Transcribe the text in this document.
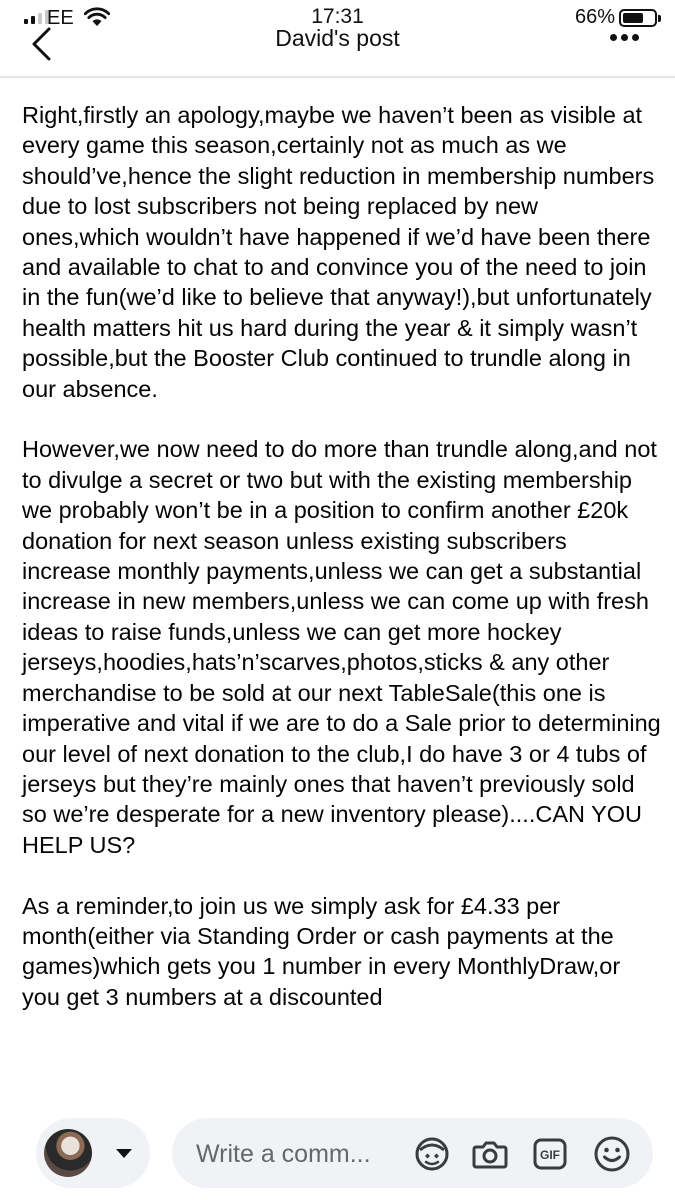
EE	17:31	66%
David's post

Right,firstly an apology,maybe we haven’t been as visible at every game this season,certainly not as much as we should’ve,hence the slight reduction in membership numbers due to lost subscribers not being replaced by new ones,which wouldn’t have happened if we’d have been there and available to chat to and convince you of the need to join in the fun(we’d like to believe that anyway!),but unfortunately health matters hit us hard during the year & it simply wasn’t possible,but the Booster Club continued to trundle along in our absence.

However,we now need to do more than trundle along,and not to divulge a secret or two but with the existing membership we probably won’t be in a position to confirm another £20k donation for next season unless existing subscribers increase monthly payments,unless we can get a substantial increase in new members,unless we can come up with fresh ideas to raise funds,unless we can get more hockey jerseys,hoodies,hats’n’scarves,photos,sticks & any other merchandise to be sold at our next TableSale(this one is imperative and vital if we are to do a Sale prior to determining our level of next donation to the club,I do have 3 or 4 tubs of jerseys but they’re mainly ones that haven’t previously sold so we’re desperate for a new inventory please)....CAN YOU HELP US?

As a reminder,to join us we simply ask for £4.33 per month(either via Standing Order or cash payments at the games)which gets you 1 number in every MonthlyDraw,or you get 3 numbers at a discounted

Write a comm...	GIF
